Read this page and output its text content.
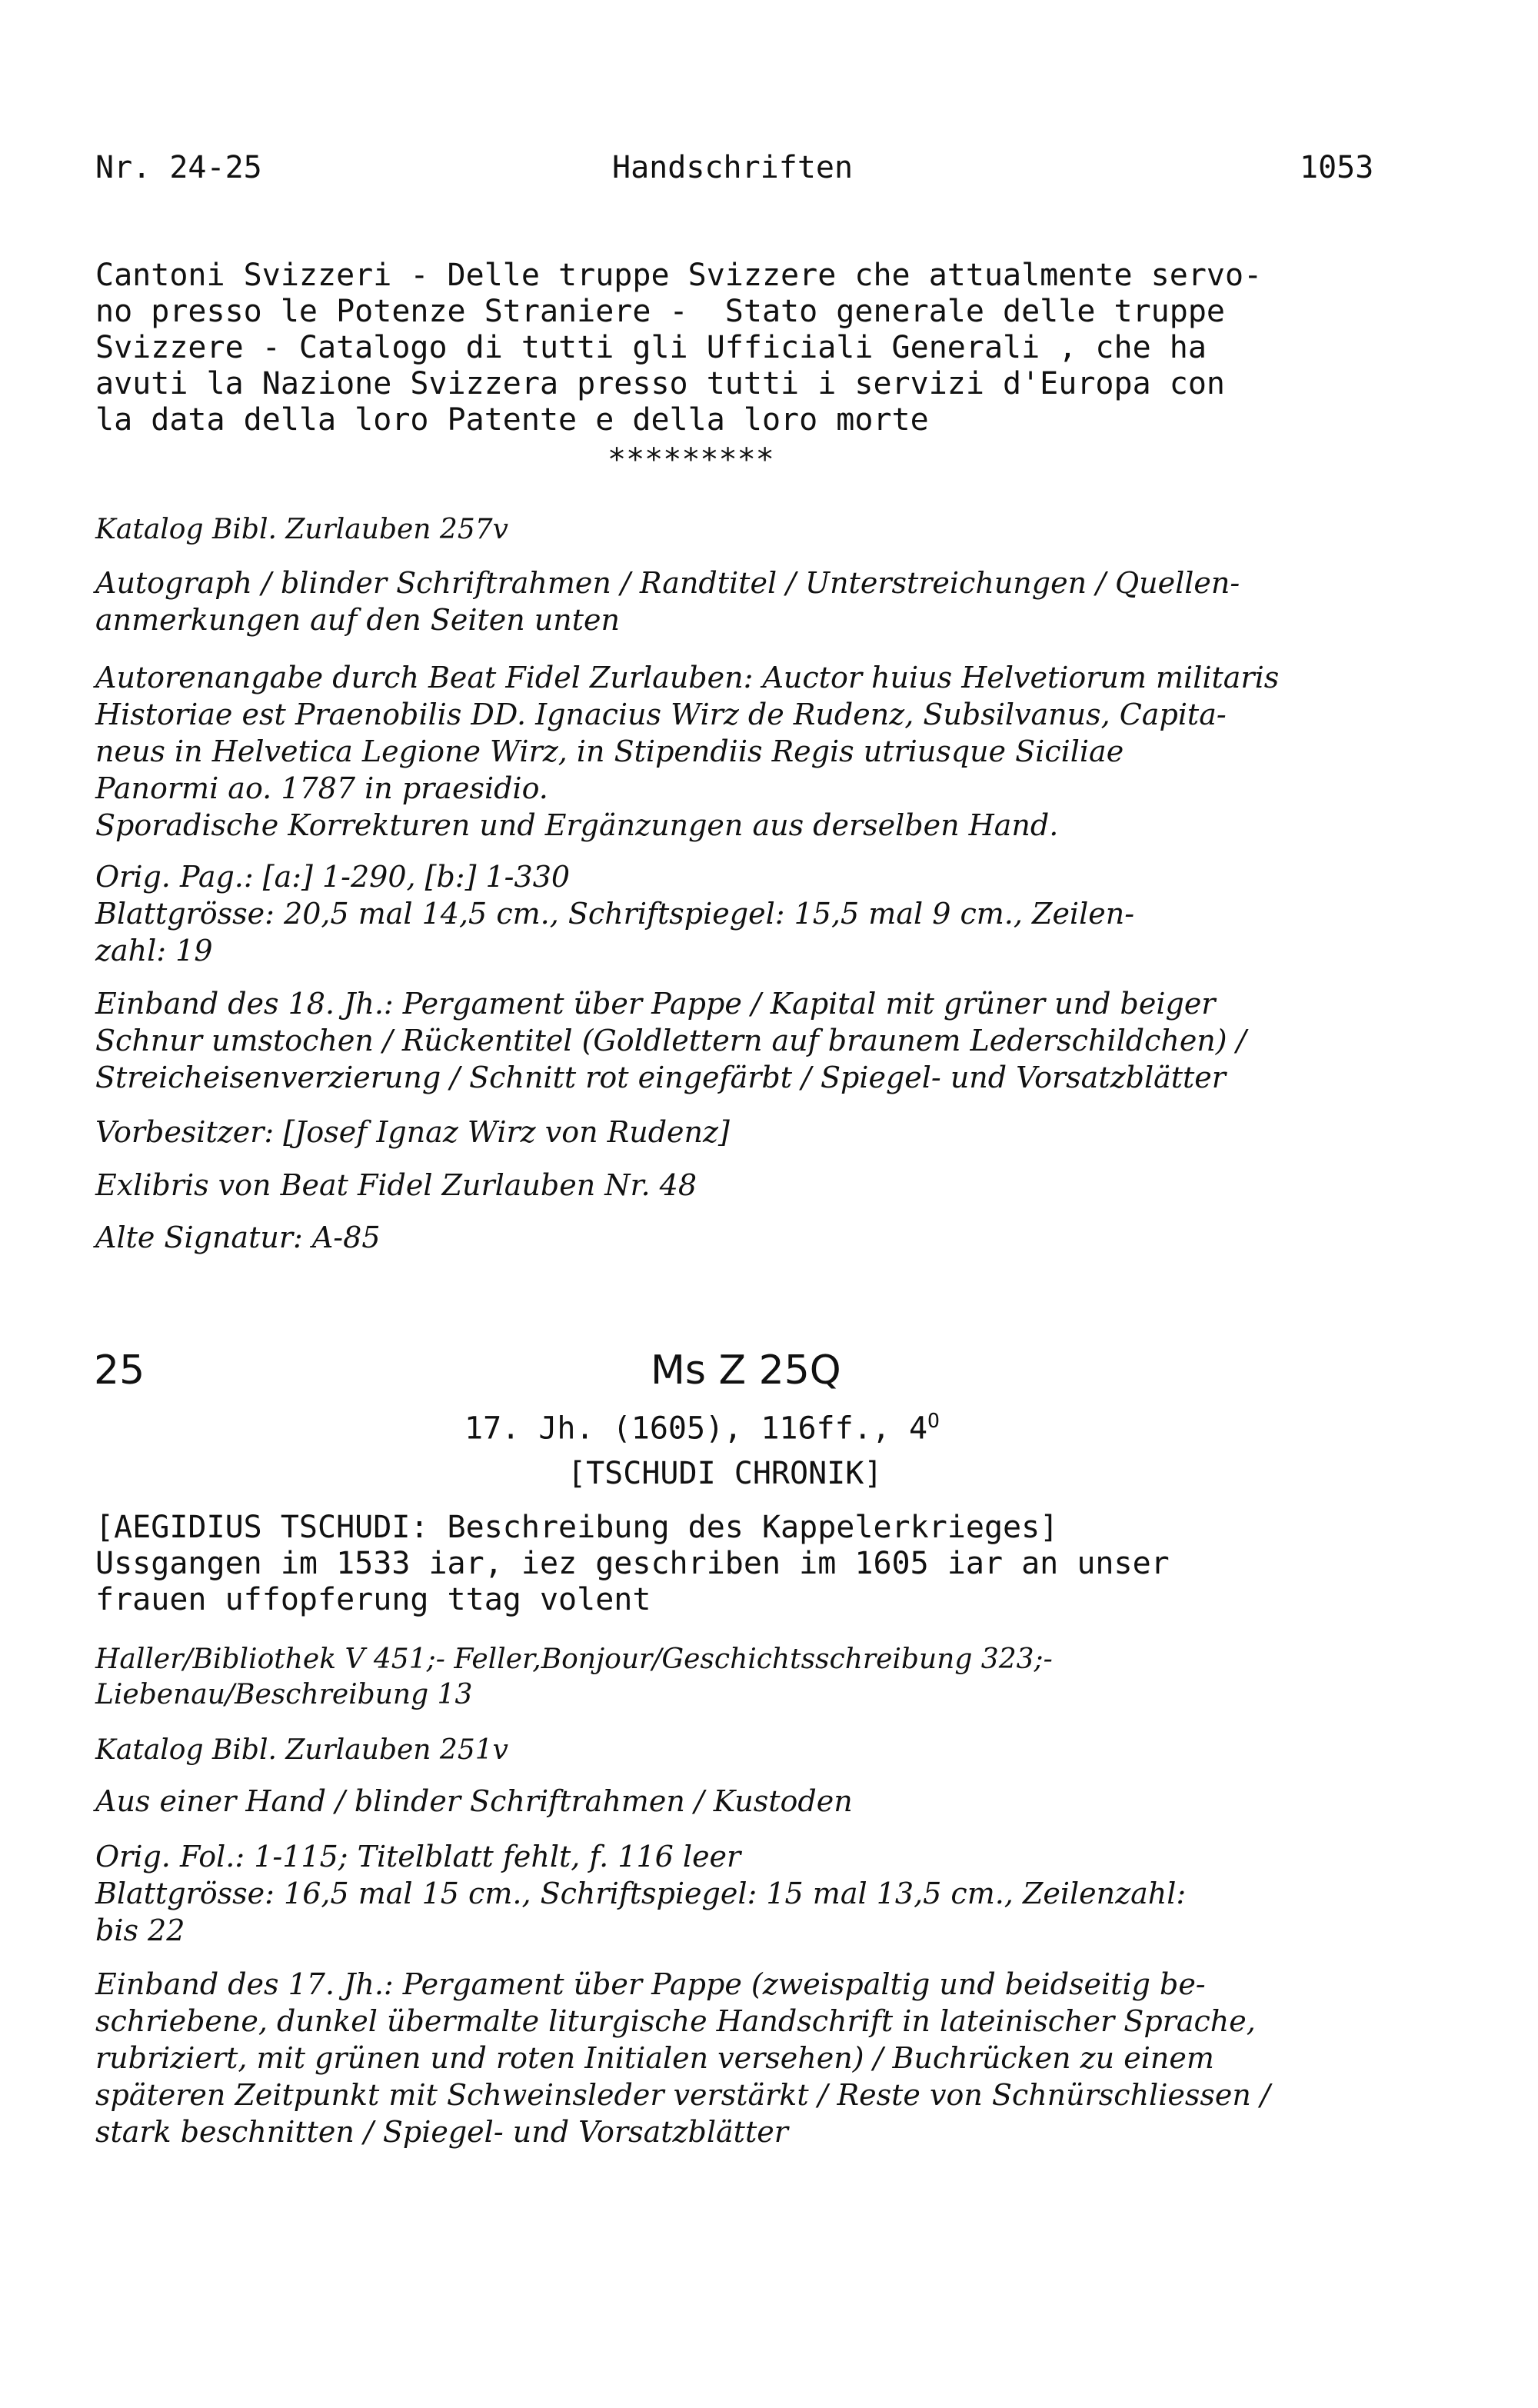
Nr. 24-25	Handschriften	1053
Cantoni Svizzeri - Delle truppe Svizzere che attualmente servo-
no presso le Potenze Straniere -  Stato generale delle truppe
Svizzere - Catalogo di tutti gli Ufficiali Generali , che ha
avuti la Nazione Svizzera presso tutti i servizi d'Europa con
la data della loro Patente e della loro morte
*********
Katalog Bibl. Zurlauben 257v
Autograph / blinder Schriftrahmen / Randtitel / Unterstreichungen / Quellen-
anmerkungen auf den Seiten unten
Autorenangabe durch Beat Fidel Zurlauben: Auctor huius Helvetiorum militaris
Historiae est Praenobilis DD. Ignacius Wirz de Rudenz, Subsilvanus, Capita-
neus in Helvetica Legione Wirz, in Stipendiis Regis utriusque Siciliae
Panormi ao. 1787 in praesidio.
Sporadische Korrekturen und Ergänzungen aus derselben Hand.
Orig. Pag.: [a:] 1-290, [b:] 1-330
Blattgrösse: 20,5 mal 14,5 cm., Schriftspiegel: 15,5 mal 9 cm., Zeilen-
zahl: 19
Einband des 18. Jh.: Pergament über Pappe / Kapital mit grüner und beiger
Schnur umstochen / Rückentitel (Goldlettern auf braunem Lederschildchen) /
Streicheisenverzierung / Schnitt rot eingefärbt / Spiegel- und Vorsatzblätter
Vorbesitzer: [Josef Ignaz Wirz von Rudenz]
Exlibris von Beat Fidel Zurlauben Nr. 48
Alte Signatur: A-85
25	Ms Z 25Q
17. Jh. (1605), 116ff., $4^O$
[TSCHUDI CHRONIK]
[AEGIDIUS TSCHUDI: Beschreibung des Kappelerkrieges]
Ussgangen im 1533 iar, iez geschriben im 1605 iar an unser
frauen uffopferung ttag volent
Haller/Bibliothek V 451;- Feller,Bonjour/Geschichtsschreibung 323;-
Liebenau/Beschreibung 13
Katalog Bibl. Zurlauben 251v
Aus einer Hand / blinder Schriftrahmen / Kustoden
Orig. Fol.: 1-115; Titelblatt fehlt, f. 116 leer
Blattgrösse: 16,5 mal 15 cm., Schriftspiegel: 15 mal 13,5 cm., Zeilenzahl:
bis 22
Einband des 17. Jh.: Pergament über Pappe (zweispaltig und beidseitig be-
schriebene, dunkel übermalte liturgische Handschrift in lateinischer Sprache,
rubriziert, mit grünen und roten Initialen versehen) / Buchrücken zu einem
späteren Zeitpunkt mit Schweinsleder verstärkt / Reste von Schnürschliessen /
stark beschnitten / Spiegel- und Vorsatzblätter
